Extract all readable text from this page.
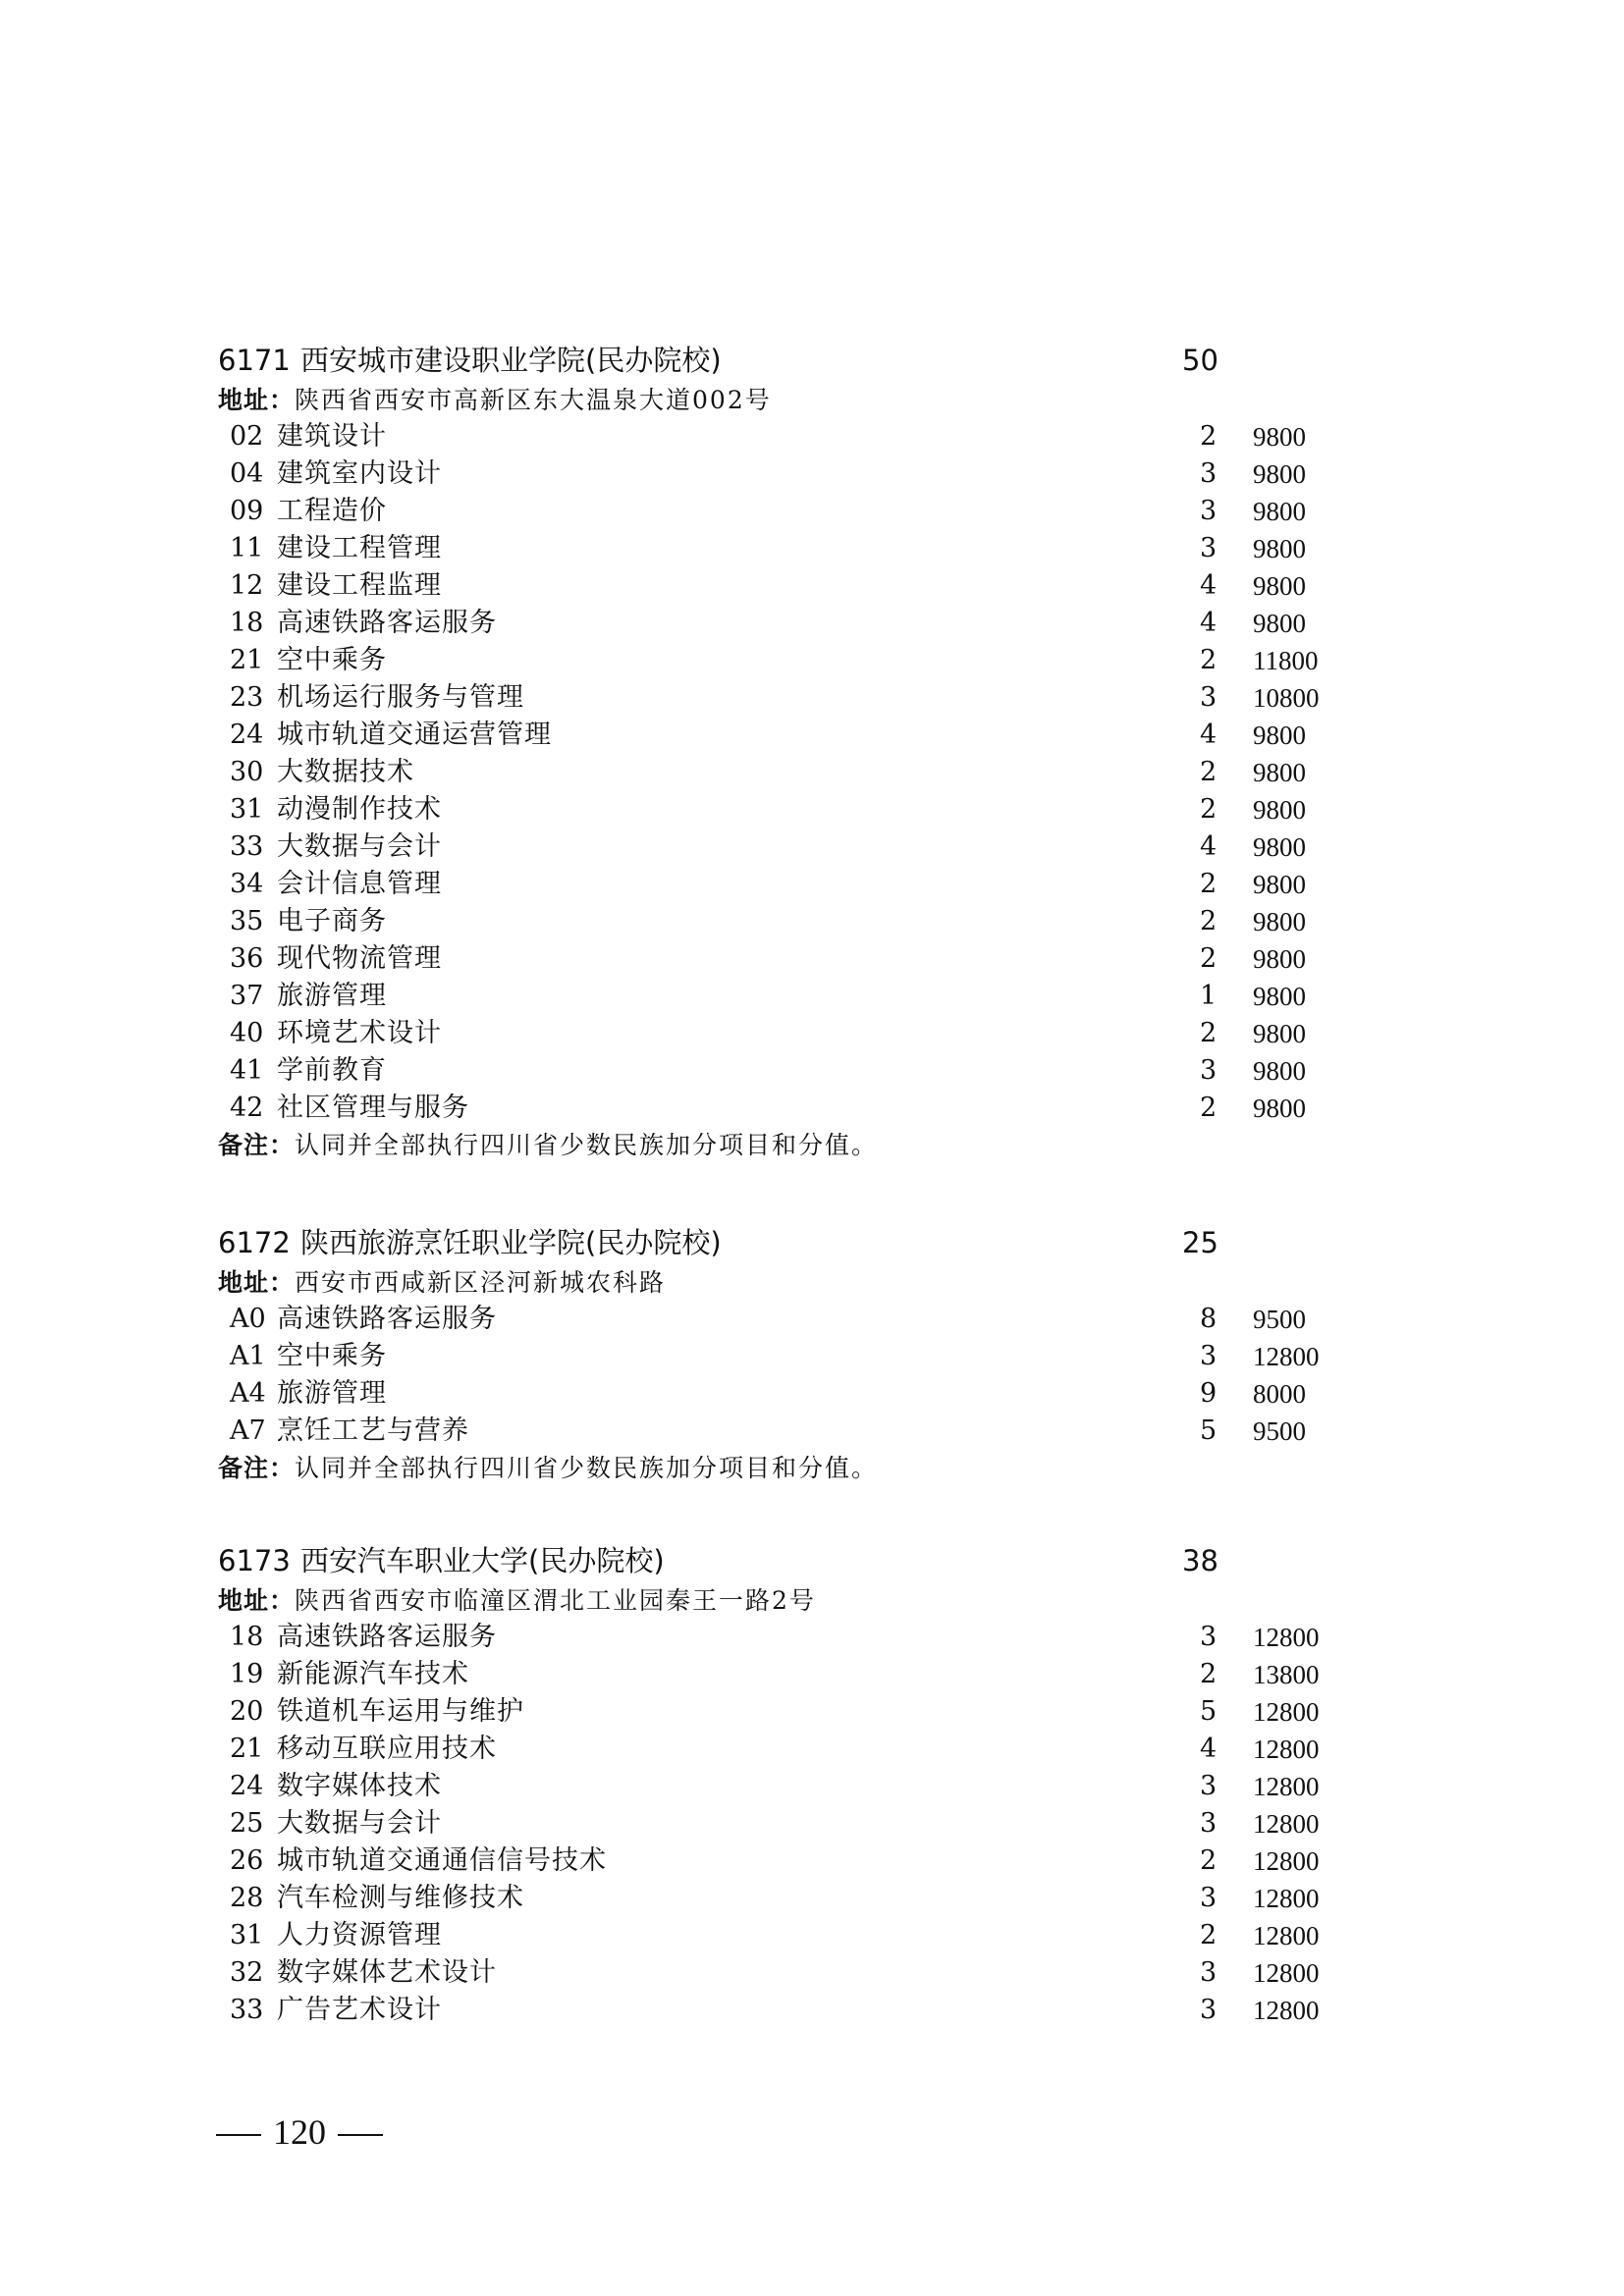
6171 西安城市建设职业学院(民办院校)	50
地址：陕西省西安市高新区东大温泉大道002号
02 建筑设计	2 9800
04 建筑室内设计	3 9800
09 工程造价	3 9800
11 建设工程管理	3 9800
12 建设工程监理	4 9800
18 高速铁路客运服务	4 9800
21 空中乘务	2 11800
23 机场运行服务与管理	3 10800
24 城市轨道交通运营管理	4 9800
30 大数据技术	2 9800
31 动漫制作技术	2 9800
33 大数据与会计	4 9800
34 会计信息管理	2 9800
35 电子商务	2 9800
36 现代物流管理	2 9800
37 旅游管理	1 9800
40 环境艺术设计	2 9800
41 学前教育	3 9800
42 社区管理与服务	2 9800
备注：认同并全部执行四川省少数民族加分项目和分值。
6172 陕西旅游烹饪职业学院(民办院校)	25
地址：西安市西咸新区泾河新城农科路
A0 高速铁路客运服务	8 9500
A1 空中乘务	3 12800
A4 旅游管理	9 8000
A7 烹饪工艺与营养	5 9500
备注：认同并全部执行四川省少数民族加分项目和分值。
6173 西安汽车职业大学(民办院校)	38
地址：陕西省西安市临潼区渭北工业园秦王一路2号
18 高速铁路客运服务	3 12800
19 新能源汽车技术	2 13800
20 铁道机车运用与维护	5 12800
21 移动互联应用技术	4 12800
24 数字媒体技术	3 12800
25 大数据与会计	3 12800
26 城市轨道交通通信信号技术	2 12800
28 汽车检测与维修技术	3 12800
31 人力资源管理	2 12800
32 数字媒体艺术设计	3 12800
33 广告艺术设计	3 12800
120
